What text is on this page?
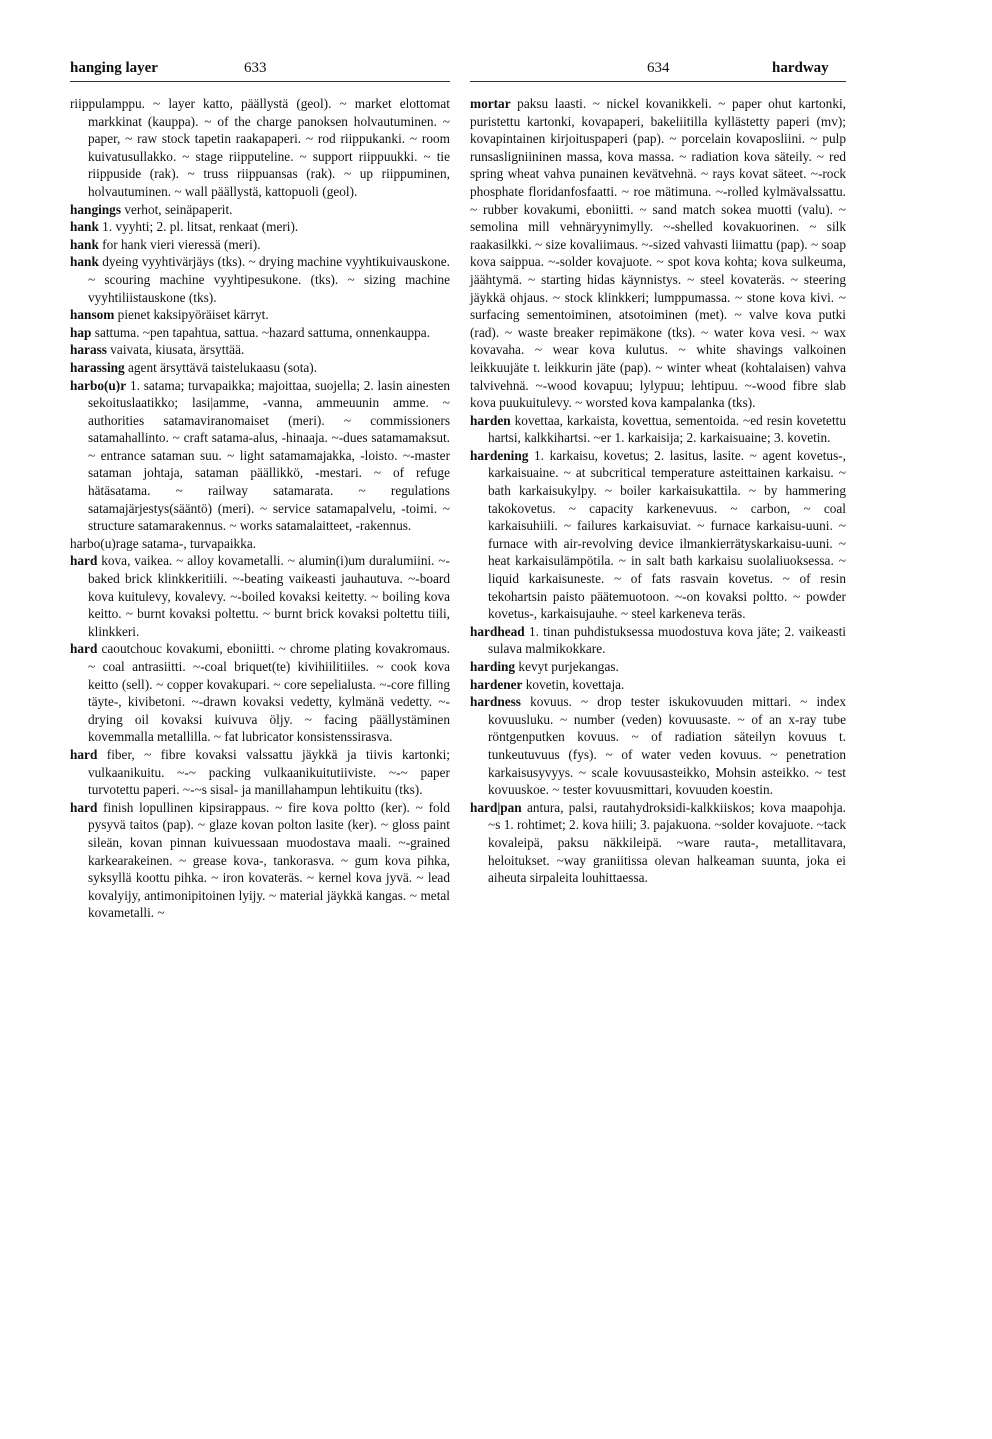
hanging layer	633	634	hardway

riippulamppu. ~ layer katto, päällystä (geol). ~ market elottomat markkinat (kauppa). ~ of the charge panoksen holvautuminen. ~ paper, ~ raw stock tapetin raakapaperi. ~ rod riippukanki. ~ room kuivatusullakko. ~ stage riipputeline. ~ support riippuukki. ~ tie riippuside (rak). ~ truss riippuansas (rak). ~ up riippuminen, holvautuminen. ~ wall päällystä, kattopuoli (geol).

hangings verhot, seinäpaperit.

hank 1. vyyhti; 2. pl. litsat, renkaat (meri).

hank for hank vieri vieressä (meri).

hank dyeing vyyhtivärjäys (tks). ~ drying machine vyyhtikuivauskone. ~ scouring machine vyyhtipesukone. (tks). ~ sizing machine vyyhtiliistauskone (tks).

hansom pienet kaksipyöräiset kärryt.

hap sattuma. ~pen tapahtua, sattua. ~hazard sattuma, onnenkauppa.

harass vaivata, kiusata, ärsyttää.

harassing agent ärsyttävä taistelukaasu (sota).

harbo(u)r 1. satama; turvapaikka; majoittaa, suojella; 2. lasin ainesten sekoituslaatikko; lasi|amme, -vanna, ammeuunin amme. ~ authorities satamaviranomaiset (meri). ~ commissioners satamahallinto. ~ craft satama-alus, -hinaaja. ~-dues satamamaksut. ~ entrance sataman suu. ~ light satamamajakka, -loisto. ~-master sataman johtaja, sataman päällikkö, -mestari. ~ of refuge hätäsatama. ~ railway satamarata. ~ regulations satamajärjestys(sääntö) (meri). ~ service satamapalvelu, -toimi. ~ structure satamarakennus. ~ works satamalaitteet, -rakennus.

harbo(u)rage satama-, turvapaikka.

hard kova, vaikea. ~ alloy kovametalli. ~ alumin(i)um duralumiini. ~-baked brick klinkkeritiili. ~-beating vaikeasti jauhautuva. ~-board kova kuitulevy, kovalevy. ~-boiled kovaksi keitetty. ~ boiling kova keitto. ~ burnt kovaksi poltettu. ~ burnt brick kovaksi poltettu tiili, klinkkeri.

hard caoutchouc kovakumi, eboniitti. ~ chrome plating kovakromaus. ~ coal antrasiitti. ~-coal briquet(te) kivihiilitiiles. ~ cook kova keitto (sell). ~ copper kovakupari. ~ core sepelialusta. ~-core filling täyte-, kivibetoni. ~-drawn kovaksi vedetty, kylmänä vedetty. ~-drying oil kovaksi kuivuva öljy. ~ facing päällystäminen kovemmalla metallilla. ~ fat lubricator konsistenssirasva.

hard fiber, ~ fibre kovaksi valssattu jäykkä ja tiivis kartonki; vulkaanikuitu. ~-~ packing vulkaanikuitutiiviste. ~-~ paper turvotettu paperi. ~-~s sisal- ja manillahampun lehtikuitu (tks).

hard finish lopullinen kipsirappaus. ~ fire kova poltto (ker). ~ fold pysyvä taitos (pap). ~ glaze kovan polton lasite (ker). ~ gloss paint sileän, kovan pinnan kuivuessaan muodostava maali. ~-grained karkearakeinen. ~ grease kova-, tankorasva. ~ gum kova pihka, syksyllä koottu pihka. ~ iron kovateräs. ~ kernel kova jyvä. ~ lead kovalyijy, antimonipitoinen lyijy. ~ material jäykkä kangas. ~ metal kovametalli. ~

mortar paksu laasti. ~ nickel kovanikkeli. ~ paper ohut kartonki, puristettu kartonki, kovapaperi, bakeliitilla kyllästetty paperi (mv); kovapintainen kirjoituspaperi (pap). ~ porcelain kovaposliini. ~ pulp runsasligniininen massa, kova massa. ~ radiation kova säteily. ~ red spring wheat vahva punainen kevätvehnä. ~ rays kovat säteet. ~-rock phosphate floridanfosfaatti. ~ roe mätimuna. ~-rolled kylmävalssattu. ~ rubber kovakumi, eboniitti. ~ sand match sokea muotti (valu). ~ semolina mill vehnäryynimylly. ~-shelled kovakuorinen. ~ silk raakasilkki. ~ size kovaliimaus. ~-sized vahvasti liimattu (pap). ~ soap kova saippua. ~-solder kovajuote. ~ spot kova kohta; kova sulkeuma, jäähtymä. ~ starting hidas käynnistys. ~ steel kovateräs. ~ steering jäykkä ohjaus. ~ stock klinkkeri; lumppumassa. ~ stone kova kivi. ~ surfacing sementoiminen, atsotoiminen (met). ~ valve kova putki (rad). ~ waste breaker repimäkone (tks). ~ water kova vesi. ~ wax kovavaha. ~ wear kova kulutus. ~ white shavings valkoinen leikkuujäte t. leikkurin jäte (pap). ~ winter wheat (kohtalaisen) vahva talvivehnä. ~-wood kovapuu; lylypuu; lehtipuu. ~-wood fibre slab kova puukuitulevy. ~ worsted kova kampalanka (tks).

harden kovettaa, karkaista, kovettua, sementoida. ~ed resin kovetettu hartsi, kalkkihartsi. ~er 1. karkaisija; 2. karkaisuaine; 3. kovetin.

hardening 1. karkaisu, kovetus; 2. lasitus, lasite. ~ agent kovetus-, karkaisuaine. ~ at subcritical temperature asteittainen karkaisu. ~ bath karkaisukylpy. ~ boiler karkaisukattila. ~ by hammering takokovetus. ~ capacity karkenevuus. ~ carbon, ~ coal karkaisuhiili. ~ failures karkaisuviat. ~ furnace karkaisu-uuni. ~ furnace with air-revolving device ilmankierrätyskarkaisu-uuni. ~ heat karkaisulämpötila. ~ in salt bath karkaisu suolaliuoksessa. ~ liquid karkaisuneste. ~ of fats rasvain kovetus. ~ of resin tekohartsin paisto päätemuotoon. ~-on kovaksi poltto. ~ powder kovetus-, karkaisujauhe. ~ steel karkeneva teräs.

hardhead 1. tinan puhdistuksessa muodostuva kova jäte; 2. vaikeasti sulava malmikokkare.

harding kevyt purjekangas.

hardener kovetin, kovettaja.

hardness kovuus. ~ drop tester iskukovuuden mittari. ~ index kovuusluku. ~ number (veden) kovuusaste. ~ of an x-ray tube röntgenputken kovuus. ~ of radiation säteilyn kovuus t. tunkeutuvuus (fys). ~ of water veden kovuus. ~ penetration karkaisusyvyys. ~ scale kovuusasteikko, Mohsin asteikko. ~ test kovuuskoe. ~ tester kovuusmittari, kovuuden koestin.

hard|pan antura, palsi, rautahydroksidi-kalkkiiskos; kova maapohja. ~s 1. rohtimet; 2. kova hiili; 3. pajakuona. ~solder kovajuote. ~tack kovaleipä, paksu näkkileipä. ~ware rauta-, metallitavara, heloitukset. ~way graniitissa olevan halkeaman suunta, joka ei aiheuta sirpaleita louhittaessa.
